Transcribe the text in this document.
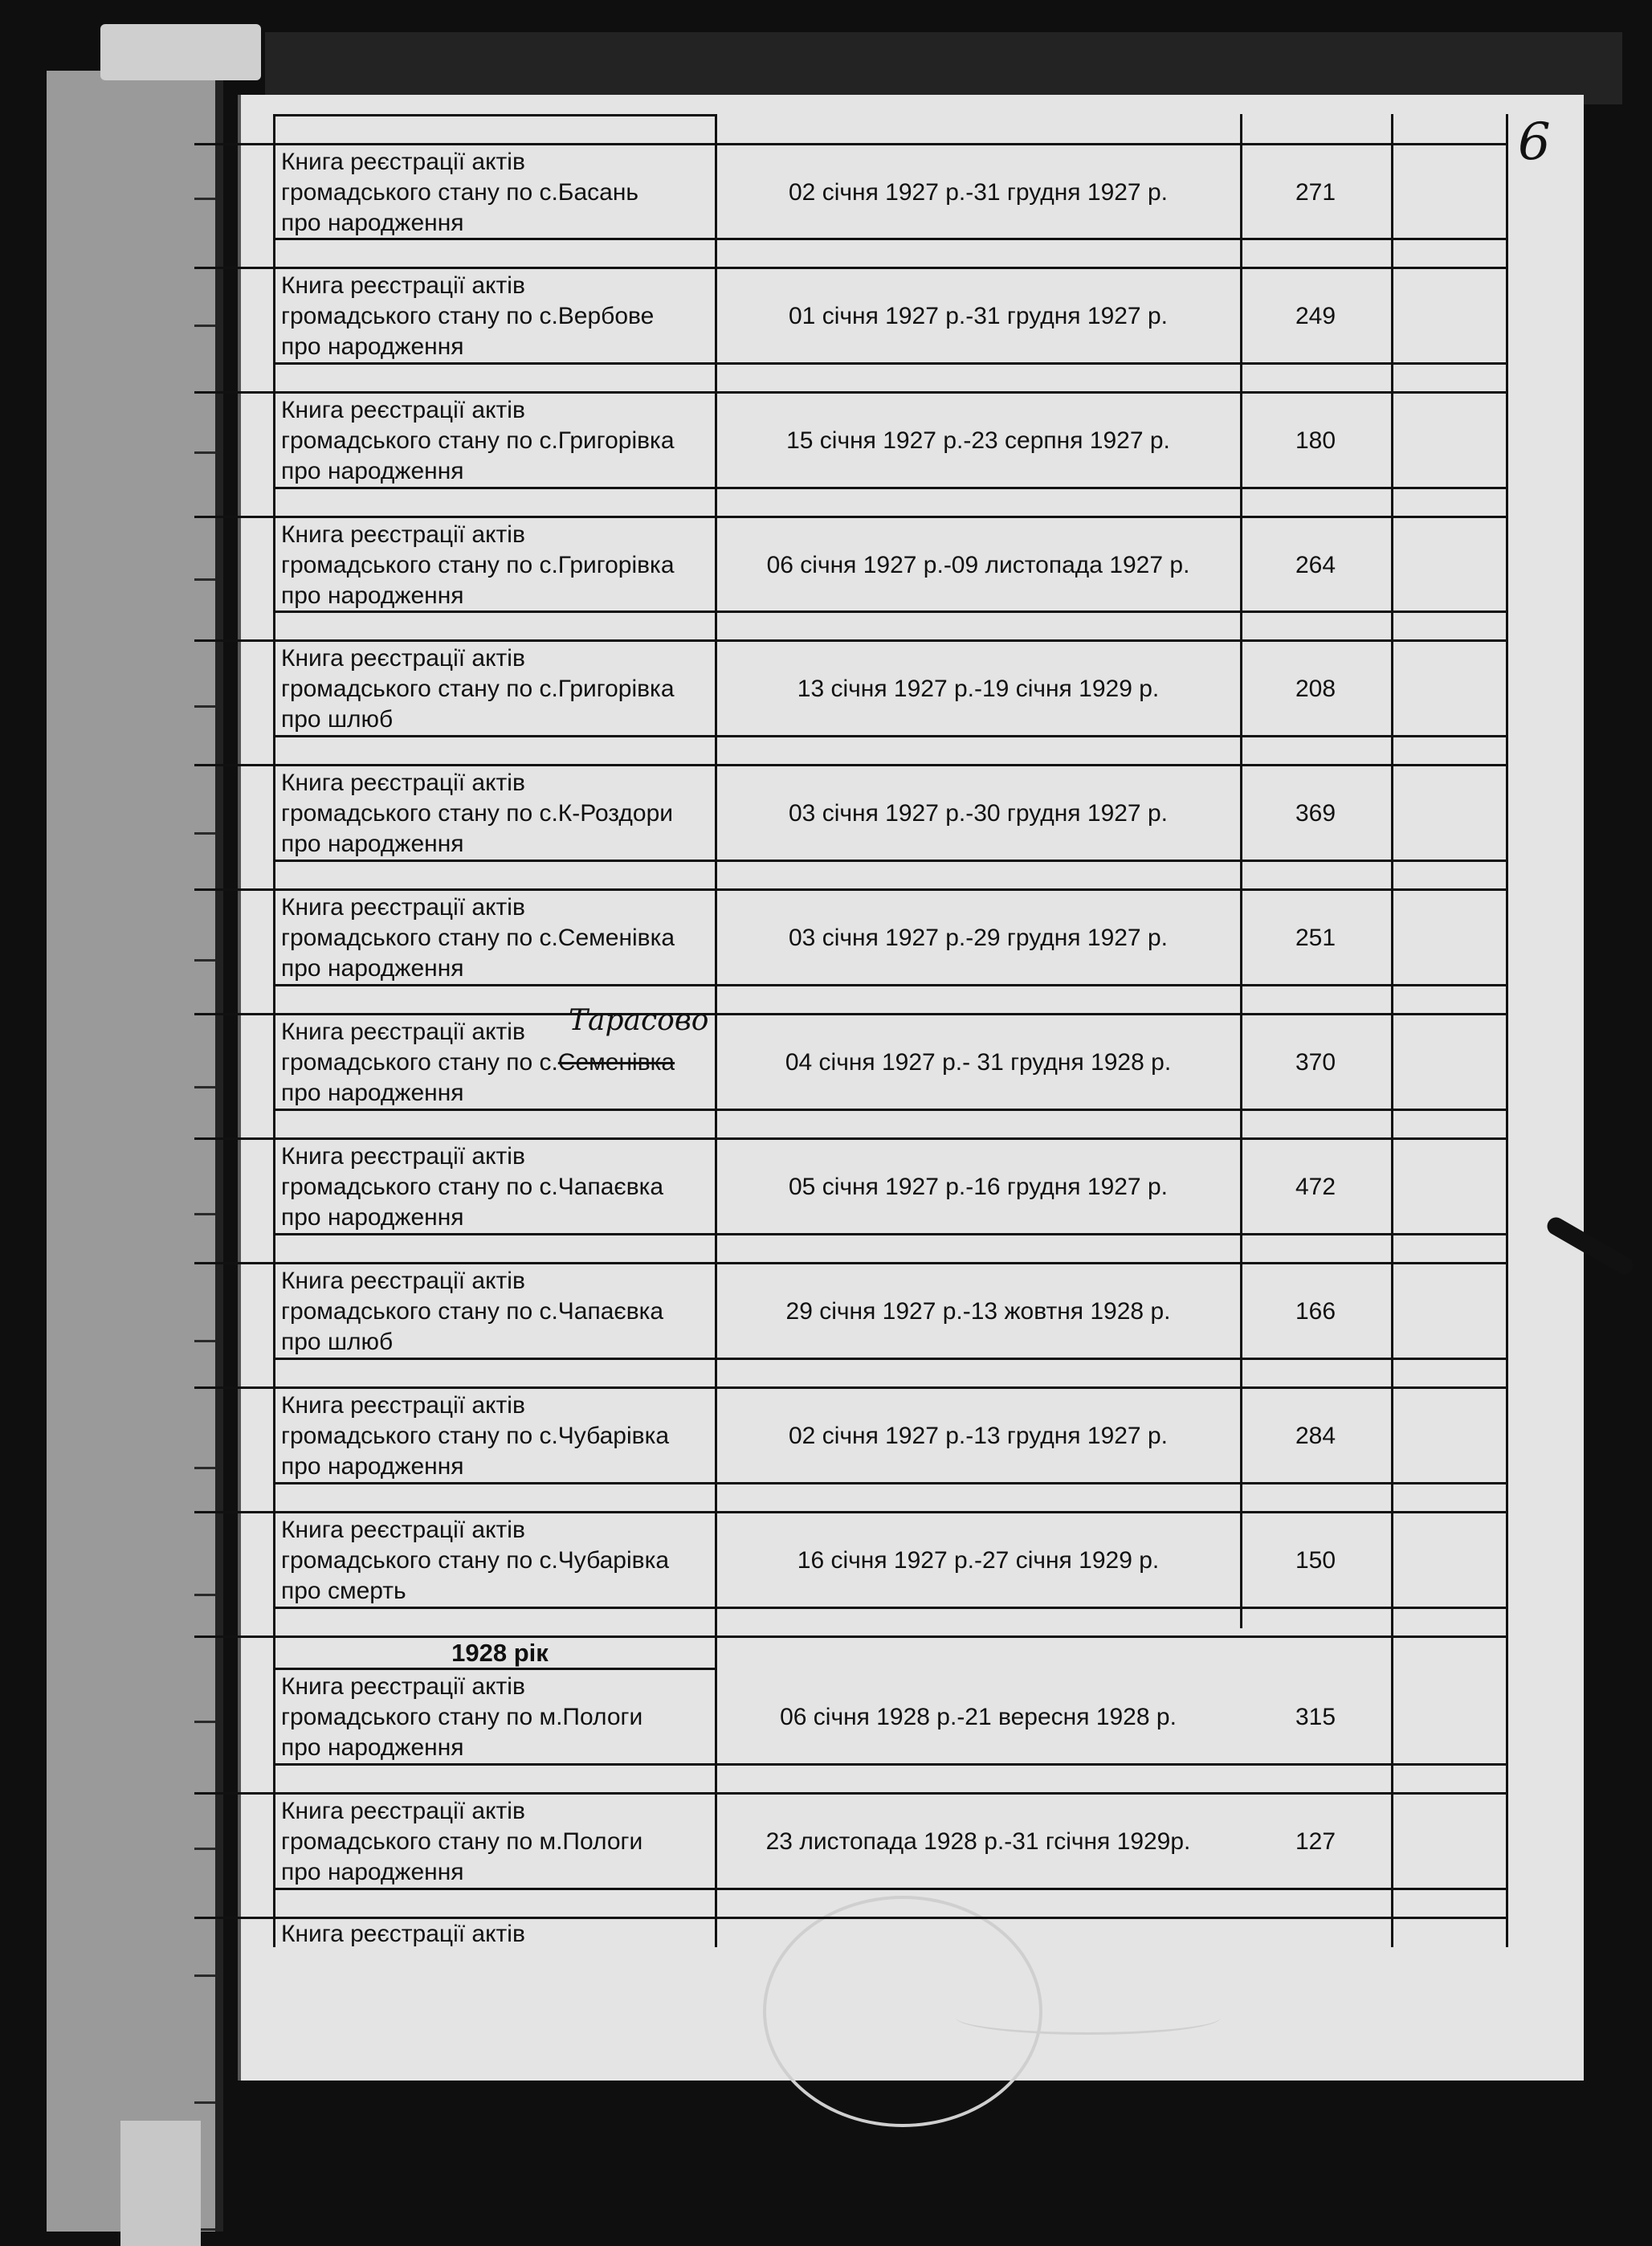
6
Книга реєстрації актів
громадського стану по с.Басань
про народження
02 січня 1927 р.-31 грудня 1927 р.	271
Книга реєстрації актів
громадського стану по с.Вербове
про народження
01 січня 1927 р.-31 грудня 1927 р.	249
Книга реєстрації актів
громадського стану по с.Григорівка
про народження
15 січня 1927 р.-23 серпня 1927 р.	180
Книга реєстрації актів
громадського стану по с.Григорівка
про народження
06 січня 1927 р.-09 листопада 1927 р.	264
Книга реєстрації актів
громадського стану по с.Григорівка
про шлюб
13 січня 1927 р.-19 січня 1929 р.	208
Книга реєстрації актів
громадського стану по с.К-Роздори
про народження
03 січня 1927 р.-30 грудня 1927 р.	369
Книга реєстрації актів
громадського стану по с.Семенівка
про народження
03 січня 1927 р.-29 грудня 1927 р.	251
Книга реєстрації актів
громадського стану по с.Семенівка
про народження
Тарасово
04 січня 1927 р.- 31 грудня 1928 р.	370
Книга реєстрації актів
громадського стану по с.Чапаєвка
про народження
05 січня 1927 р.-16 грудня 1927 р.	472
Книга реєстрації актів
громадського стану по с.Чапаєвка
про шлюб
29 січня 1927 р.-13 жовтня 1928 р.	166
Книга реєстрації актів
громадського стану по с.Чубарівка
про народження
02 січня 1927 р.-13 грудня 1927 р.	284
Книга реєстрації актів
громадського стану по с.Чубарівка
про смерть
16 січня 1927 р.-27 січня 1929 р.	150
1928 рік
Книга реєстрації актів
громадського стану по м.Пологи
про народження
06 січня 1928 р.-21 вересня 1928 р.	315
Книга реєстрації актів
громадського стану по м.Пологи
про народження
23 листопада 1928 р.-31 гсічня 1929р.	127
Книга реєстрації актів
